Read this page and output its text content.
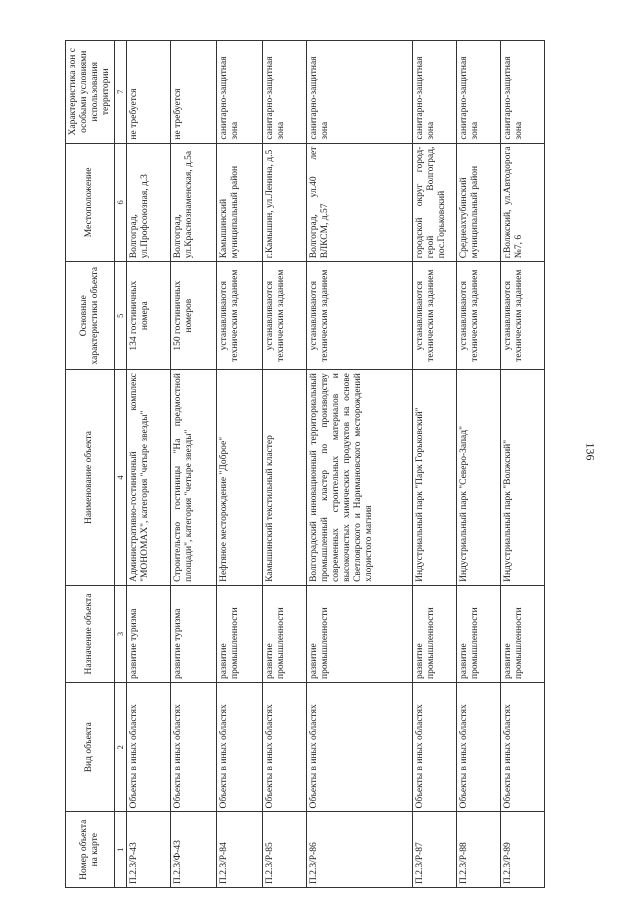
136
Номер объекта на карте	Вид объекта	Назначение объекта	Наименование объекта	Основные характеристики объекта	Местоположение	Характеристика зон с особыми условиями использования территории
1	2	3	4	5	6	7
П.2.3/Р-43	Объекты в иных областях	развитие туризма	Административно-гостиничный комплекс "МОНОМАХ", категория "четыре звезды"	134 гостиничных номера	Волгоград, ул.Профсоюзная, д.3	не требуется
П.2.3/Ф-43	Объекты в иных областях	развитие туризма	Строительство гостиницы "На предмостной площади", категория "четыре звезды"	150 гостиничных номеров	Волгоград, ул.Краснознаменская, д.5а	не требуется
П.2.3/Р-84	Объекты в иных областях	развитие промышленности	Нефтяное месторождение "Доброе"	устанавливаются техническим заданием	Камышинский муниципальный район	санитарно-защитная зона
П.2.3/Р-85	Объекты в иных областях	развитие промышленности	Камышинский текстильный кластер	устанавливаются техническим заданием	г.Камышин, ул.Ленина, д.5	санитарно-защитная зона
П.2.3/Р-86	Объекты в иных областях	развитие промышленности	Волгоградский инновационный территориальный промышленный кластер по производству современных строительных материалов и высокочистых химических продуктов на основе Светлоярского и Наримановского месторождений хлористого магния	устанавливаются техническим заданием	Волгоград, ул.40 лет ВЛКСМ, д.57	санитарно-защитная зона
П.2.3/Р-87	Объекты в иных областях	развитие промышленности	Индустриальный парк "Парк Горьковский"	устанавливаются техническим заданием	городской округ город-герой Волгоград, пос.Горьковский	санитарно-защитная зона
П.2.3/Р-88	Объекты в иных областях	развитие промышленности	Индустриальный парк "Северо-Запад"	устанавливаются техническим заданием	Среднеахтубинский муниципальный район	санитарно-защитная зона
П.2.3/Р-89	Объекты в иных областях	развитие промышленности	Индустриальный парк "Волжский"	устанавливаются техническим заданием	г.Волжский, ул.Автодорога №7, 6	санитарно-защитная зона
